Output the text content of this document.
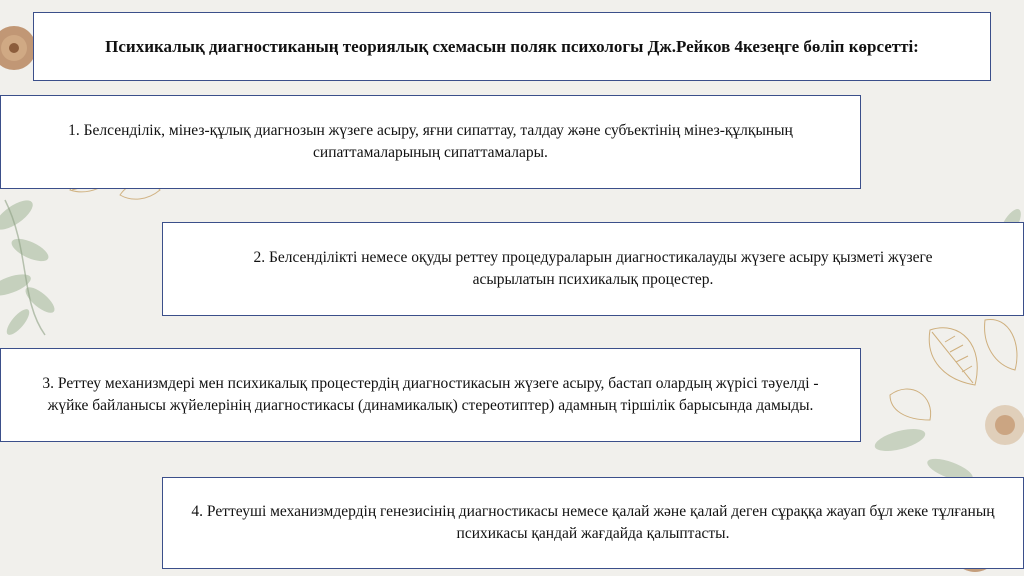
Психикалық диагностиканың теориялық схемасын поляк психологы Дж.Рейков 4кезеңге бөліп көрсетті:
1. Белсенділік, мінез-құлық диагнозын жүзеге асыру, яғни сипаттау, талдау және субъектінің мінез-құлқының сипаттамаларының сипаттамалары.
2. Белсенділікті немесе оқуды реттеу процедураларын диагностикалауды жүзеге асыру қызметі жүзеге асырылатын психикалық процестер.
3. Реттеу механизмдері мен психикалық процестердің диагностикасын жүзеге асыру, бастап олардың жүрісі тәуелді - жүйке байланысы жүйелерінің диагностикасы (динамикалық) стереотиптер) адамның тіршілік барысында дамыды.
4. Реттеуші механизмдердің генезисінің диагностикасы немесе қалай және қалай деген сұраққа жауап бұл жеке тұлғаның психикасы қандай жағдайда қалыптасты.
